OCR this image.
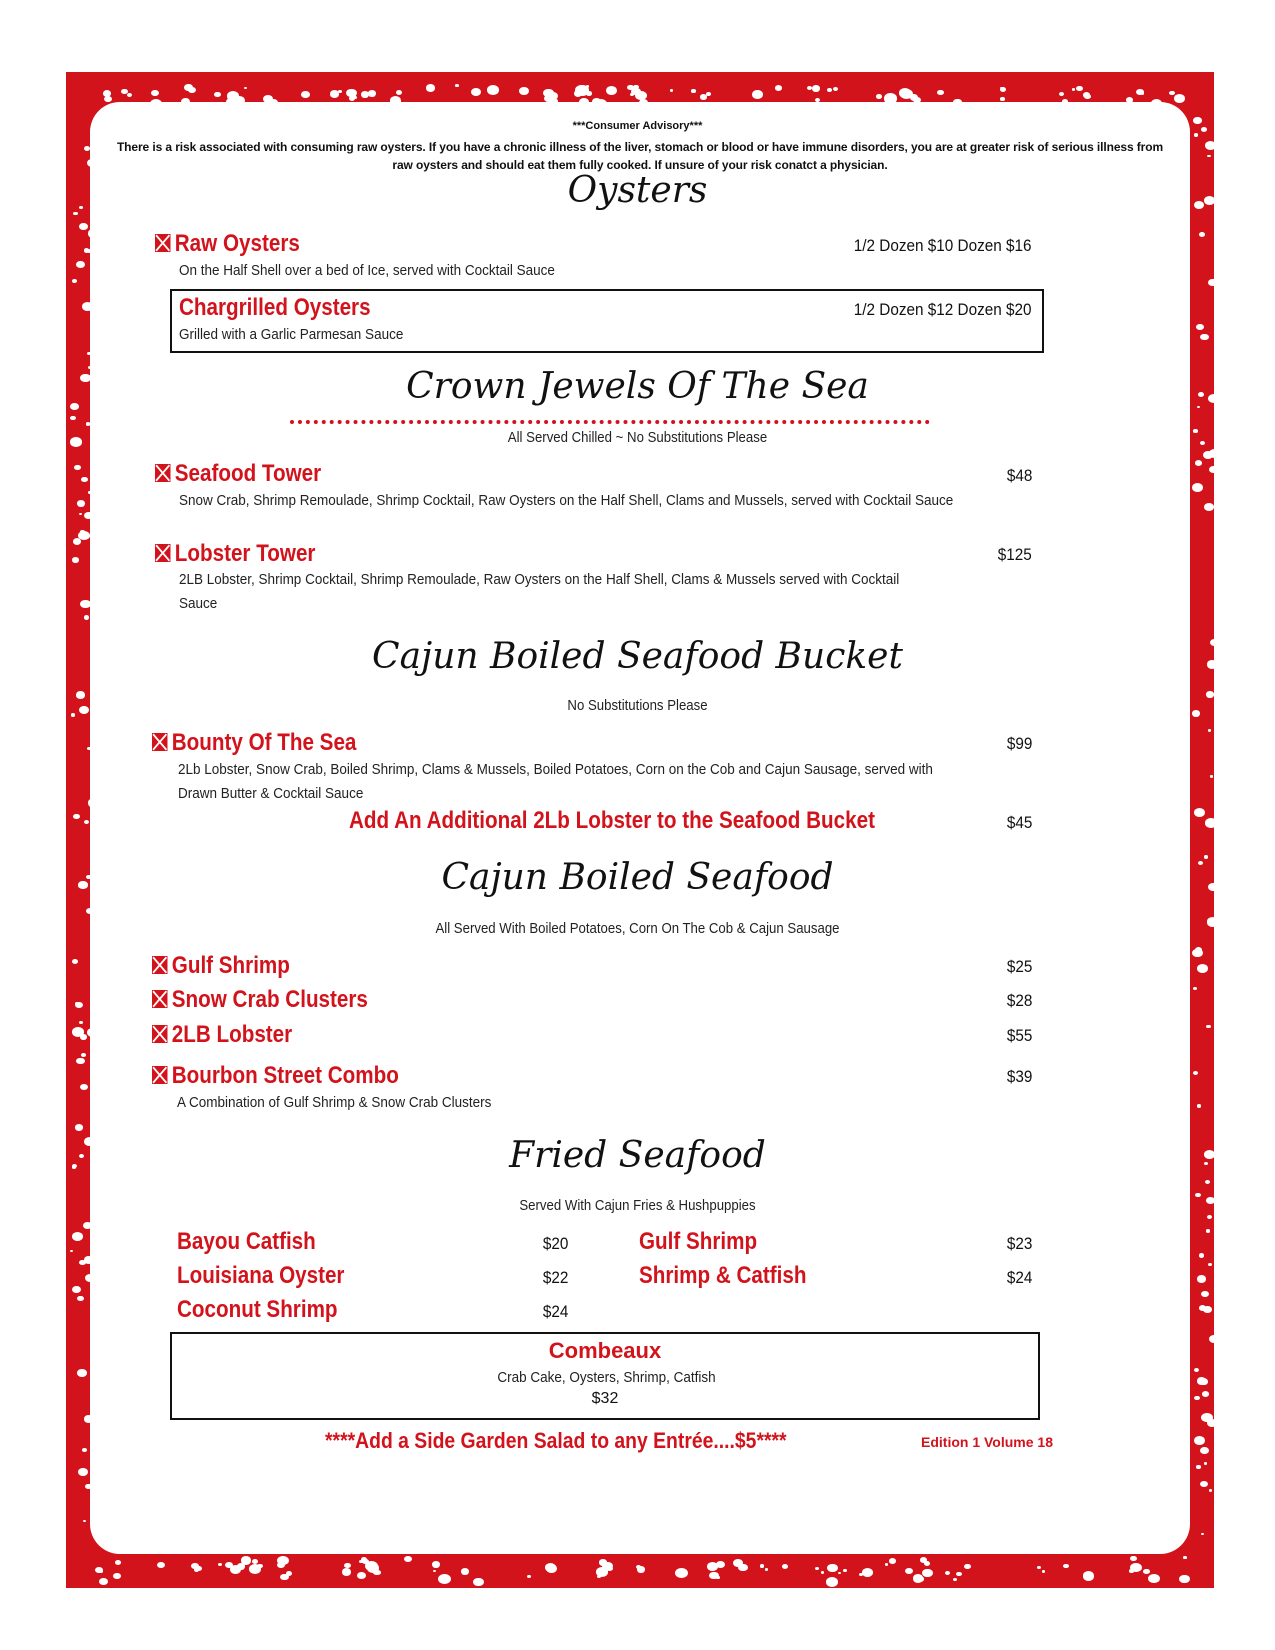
***Consumer Advisory***
There is a risk associated with consuming raw oysters. If you have a chronic illness of the liver, stomach or blood or have immune disorders, you are at greater risk of serious illness from raw oysters and should eat them fully cooked. If unsure of your risk conatct a physician.
Oysters
Raw Oysters	1/2 Dozen $10 Dozen $16
On the Half Shell over a bed of Ice, served with Cocktail Sauce
Chargrilled Oysters	1/2 Dozen $12 Dozen $20
Grilled with a Garlic Parmesan Sauce
Crown Jewels Of The Sea
All Served Chilled ~ No Substitutions Please
Seafood Tower	$48
Snow Crab, Shrimp Remoulade, Shrimp Cocktail, Raw Oysters on the Half Shell, Clams and Mussels, served with Cocktail Sauce
Lobster Tower	$125
2LB Lobster, Shrimp Cocktail, Shrimp Remoulade, Raw Oysters on the Half Shell, Clams & Mussels served with Cocktail Sauce
Cajun Boiled Seafood Bucket
No Substitutions Please
Bounty Of The Sea	$99
2Lb Lobster, Snow Crab, Boiled Shrimp, Clams & Mussels, Boiled Potatoes, Corn on the Cob and Cajun Sausage, served with Drawn Butter & Cocktail Sauce
Add An Additional 2Lb Lobster to the Seafood Bucket	$45
Cajun Boiled Seafood
All Served With Boiled Potatoes, Corn On The Cob & Cajun Sausage
Gulf Shrimp	$25
Snow Crab Clusters	$28
2LB Lobster	$55
Bourbon Street Combo	$39
A Combination of Gulf Shrimp & Snow Crab Clusters
Fried Seafood
Served With Cajun Fries & Hushpuppies
Bayou Catfish	$20
Louisiana Oyster	$22
Coconut Shrimp	$24
Gulf Shrimp	$23
Shrimp & Catfish	$24
Combeaux
Crab Cake, Oysters, Shrimp, Catfish
$32
****Add a Side Garden Salad to any Entrée....$5****	Edition 1 Volume 18
